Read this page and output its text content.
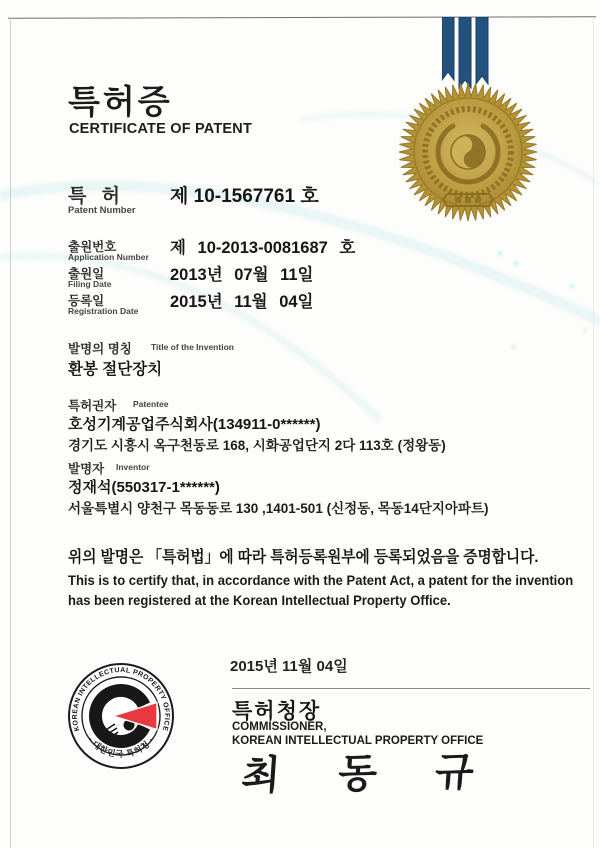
특허증
CERTIFICATE OF PATENT
특 허
Patent Number
제 10-1567761 호
출원번호
Application Number 제 10-2013-0081687 호
출원일
Filing Date	2013년 07월 11일
등록일
Registration Date 2015년 11월 04일
발명의 명칭 Title of the Invention
환봉 절단장치
특허권자 Patentee
호성기계공업주식회사(134911-0******)
경기도 시흥시 옥구천동로 168, 시화공업단지 2다 113호 (정왕동)
발명자 Inventor
정재석(550317-1******)
서울특별시 양천구 목동동로 130 ,1401-501 (신정동, 목동14단지아파트)
위의 발명은 「특허법」에 따라 특허등록원부에 등록되었음을 증명합니다.
This is to certify that, in accordance with the Patent Act, a patent for the invention
has been registered at the Korean Intellectual Property Office.
2015년 11월 04일
KOREAN INTELLECTUAL PROPERTY OFFICE
· 대한민국 특허청 ·
특허청장
COMMISSIONER,
KOREAN INTELLECTUAL PROPERTY OFFICE
최 동 규
